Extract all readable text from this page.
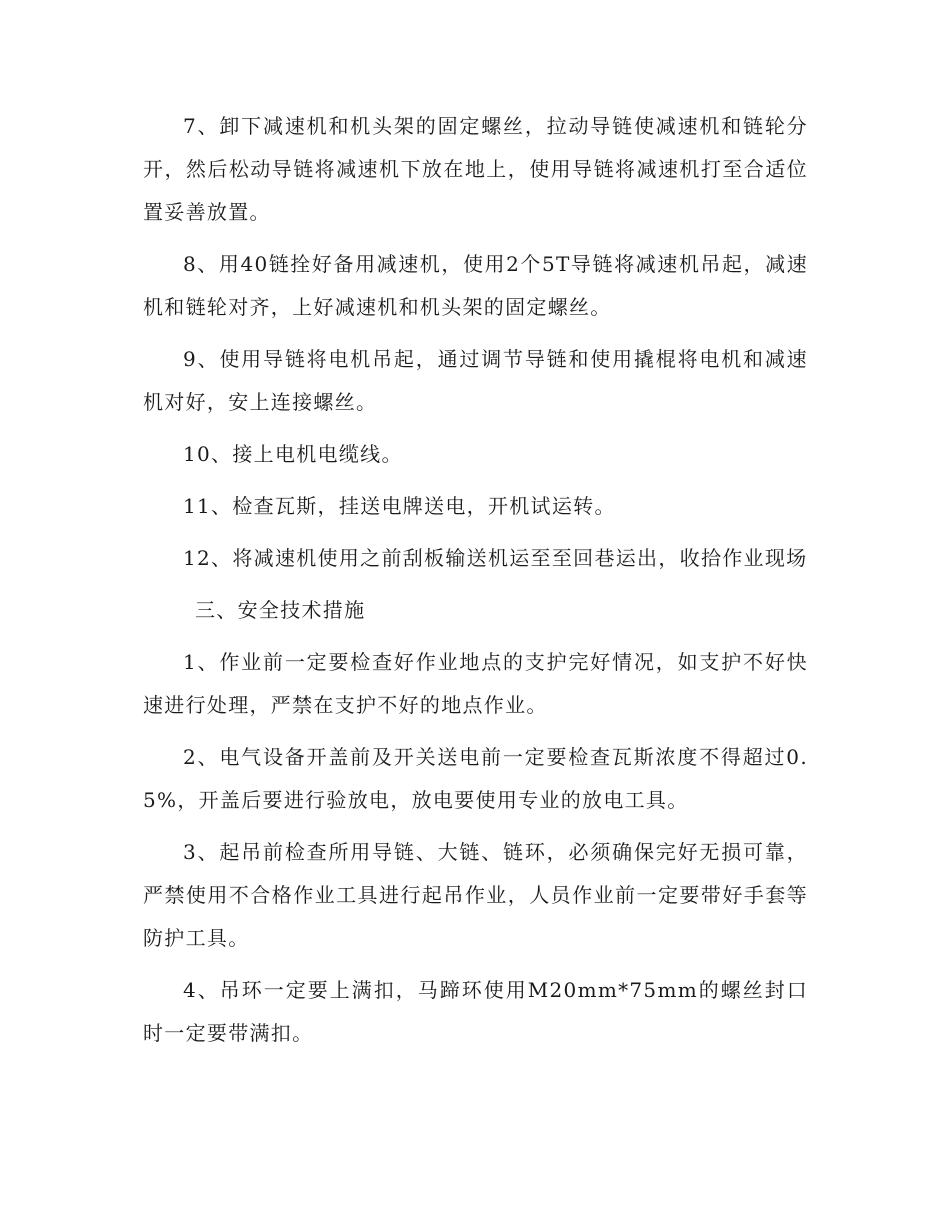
7、卸下减速机和机头架的固定螺丝，拉动导链使减速机和链轮分开，然后松动导链将减速机下放在地上，使用导链将减速机打至合适位置妥善放置。

8、用40链拴好备用减速机，使用2个5T导链将减速机吊起，减速机和链轮对齐，上好减速机和机头架的固定螺丝。

9、使用导链将电机吊起，通过调节导链和使用撬棍将电机和减速机对好，安上连接螺丝。

10、接上电机电缆线。

11、检查瓦斯，挂送电牌送电，开机试运转。

12、将减速机使用之前刮板输送机运至至回巷运出，收拾作业现场

三、安全技术措施

1、作业前一定要检查好作业地点的支护完好情况，如支护不好快速进行处理，严禁在支护不好的地点作业。

2、电气设备开盖前及开关送电前一定要检查瓦斯浓度不得超过0.5%，开盖后要进行验放电，放电要使用专业的放电工具。

3、起吊前检查所用导链、大链、链环，必须确保完好无损可靠，严禁使用不合格作业工具进行起吊作业，人员作业前一定要带好手套等防护工具。

4、吊环一定要上满扣，马蹄环使用M20mm*75mm的螺丝封口时一定要带满扣。
